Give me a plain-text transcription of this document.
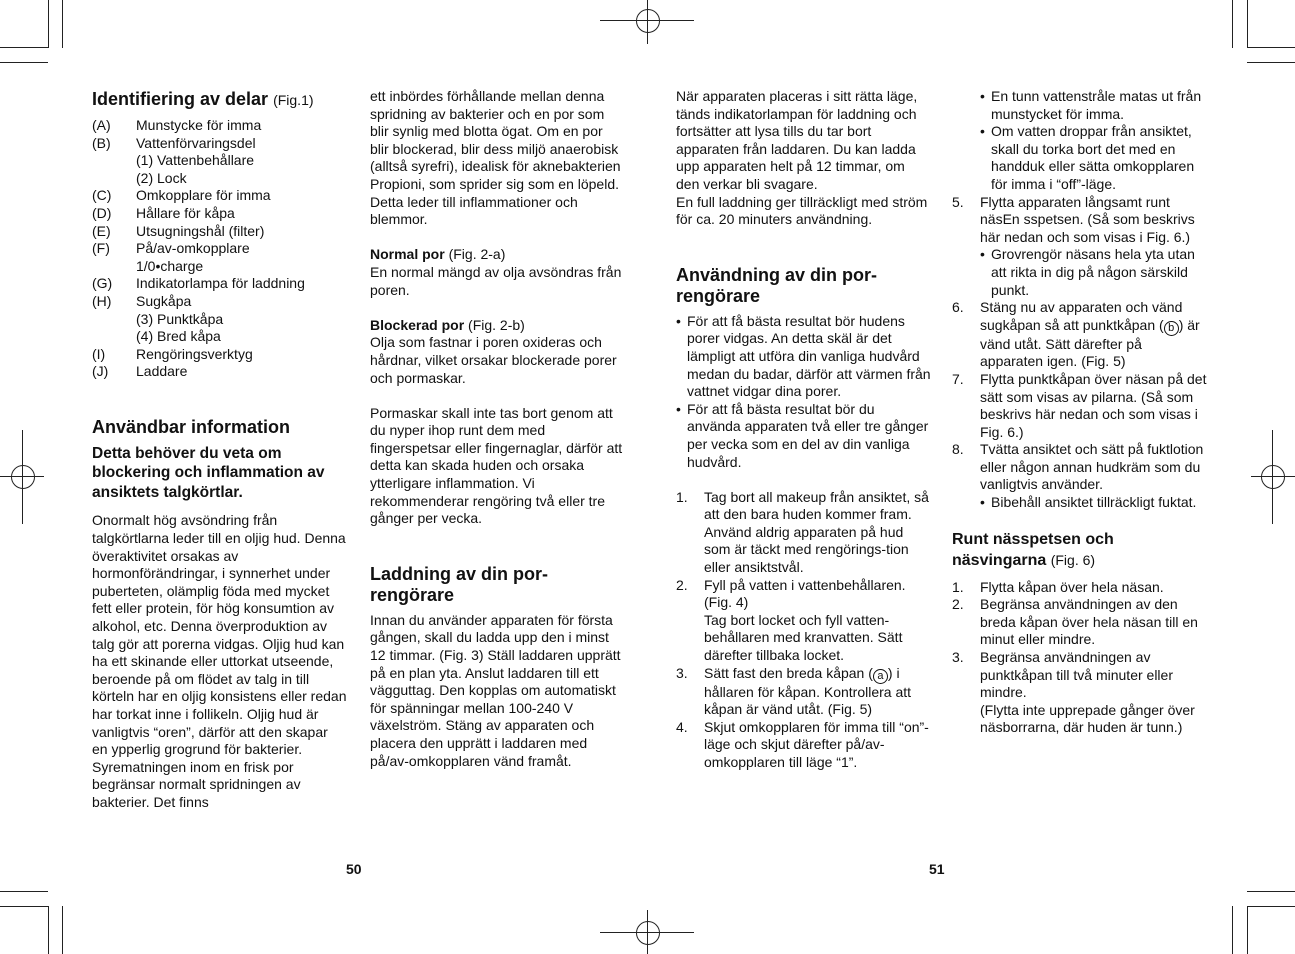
Identifiering av delar (Fig.1)
(A)	Munstycke för imma
(B)	Vattenförvaringsdel
(1) Vattenbehållare
(2) Lock
(C)	Omkopplare för imma
(D)	Hållare för kåpa
(E)	Utsugningshål (filter)
(F)	På/av-omkopplare
1/0•charge
(G)	Indikatorlampa för laddning
(H)	Sugkåpa
(3) Punktkåpa
(4) Bred kåpa
(I)	Rengöringsverktyg
(J)	Laddare
Användbar information
Detta behöver du veta om blockering och inflammation av ansiktets talgkörtlar.

Onormalt hög avsöndring från talgkörtlarna leder till en oljig hud. Denna överaktivitet orsakas av hormonförändringar, i synnerhet under puberteten, olämplig föda med mycket fett eller protein, för hög konsumtion av alkohol, etc. Denna överproduktion av talg gör att porerna vidgas. Oljig hud kan ha ett skinande eller uttorkat utseende, beroende på om flödet av talg in till körteln har en oljig konsistens eller redan har torkat inne i follikeln. Oljig hud är vanligtvis “oren”, därför att den skapar en ypperlig grogrund för bakterier. Syrematningen inom en frisk por begränsar normalt spridningen av bakterier. Det finns

ett inbördes förhållande mellan denna spridning av bakterier och en por som blir synlig med blotta ögat. Om en por blir blockerad, blir dess miljö anaerobisk (alltså syrefri), idealisk för aknebakterien Propioni, som sprider sig som en löpeld. Detta leder till inflammationer och blemmor.

Normal por (Fig. 2-a)

En normal mängd av olja avsöndras från poren.

Blockerad por (Fig. 2-b)

Olja som fastnar i poren oxideras och hårdnar, vilket orsakar blockerade porer och pormaskar.

Pormaskar skall inte tas bort genom att du nyper ihop runt dem med fingerspetsar eller fingernaglar, därför att detta kan skada huden och orsaka ytterligare inflammation. Vi rekommenderar rengöring två eller tre gånger per vecka.

Laddning av din por-rengörare

Innan du använder apparaten för första gången, skall du ladda upp den i minst 12 timmar. (Fig. 3) Ställ laddaren upprätt på en plan yta. Anslut laddaren till ett vägguttag. Den kopplas om automatiskt för spänningar mellan 100-240 V växelström. Stäng av apparaten och placera den upprätt i laddaren med på/av-omkopplaren vänd framåt.

När apparaten placeras i sitt rätta läge, tänds indikatorlampan för laddning och fortsätter att lysa tills du tar bort apparaten från laddaren. Du kan ladda upp apparaten helt på 12 timmar, om den verkar bli svagare.

En full laddning ger tillräckligt med ström för ca. 20 minuters användning.

Användning av din por-rengörare
• För att få bästa resultat bör hudens porer vidgas. An detta skäl är det lämpligt att utföra din vanliga hudvård medan du badar, därför att värmen från vattnet vidgar dina porer.
• För att få bästa resultat bör du använda apparaten två eller tre gånger per vecka som en del av din vanliga hudvård.
1.	Tag bort all makeup från ansiktet, så att den bara huden kommer fram.

Använd aldrig apparaten på hud som är täckt med rengörings-tion eller ansiktstvål.

2.	Fyll på vatten i vattenbehållaren. (Fig. 4)

Tag bort locket och fyll vatten-behållaren med kranvatten. Sätt därefter tillbaka locket.

3.	Sätt fast den breda kåpan ( a ) i hållaren för kåpan. Kontrollera att kåpan är vänd utåt. (Fig. 5)

4.	Skjut omkopplaren för imma till “on”-läge och skjut därefter på/av-omkopplaren till läge “1”.

• En tunn vattenstråle matas ut från munstycket för imma.
• Om vatten droppar från ansiktet, skall du torka bort det med en handduk eller sätta omkopplaren för imma i “off”-läge.
5.	Flytta apparaten långsamt runt näsEn sspetsen. (Så som beskrivs här nedan och som visas i Fig. 6.)

• Grovrengör näsans hela yta utan att rikta in dig på någon särskild punkt.
6.	Stäng nu av apparaten och vänd sugkåpan så att punktkåpan ( b ) är vänd utåt. Sätt därefter på apparaten igen. (Fig. 5)

7.	Flytta punktkåpan över näsan på det sätt som visas av pilarna. (Så som beskrivs här nedan och som visas i Fig. 6.)

8.	Tvätta ansiktet och sätt på fuktlotion eller någon annan hudkräm som du vanligtvis använder.

• Bibehåll ansiktet tillräckligt fuktat.
Runt nässpetsen och näsvingarna (Fig. 6)
1.	Flytta kåpan över hela näsan.

2.	Begränsa användningen av den breda kåpan över hela näsan till en minut eller mindre.

3.	Begränsa användningen av punktkåpan till två minuter eller mindre.

(Flytta inte upprepade gånger över näsborrarna, där huden är tunn.)

50	51
